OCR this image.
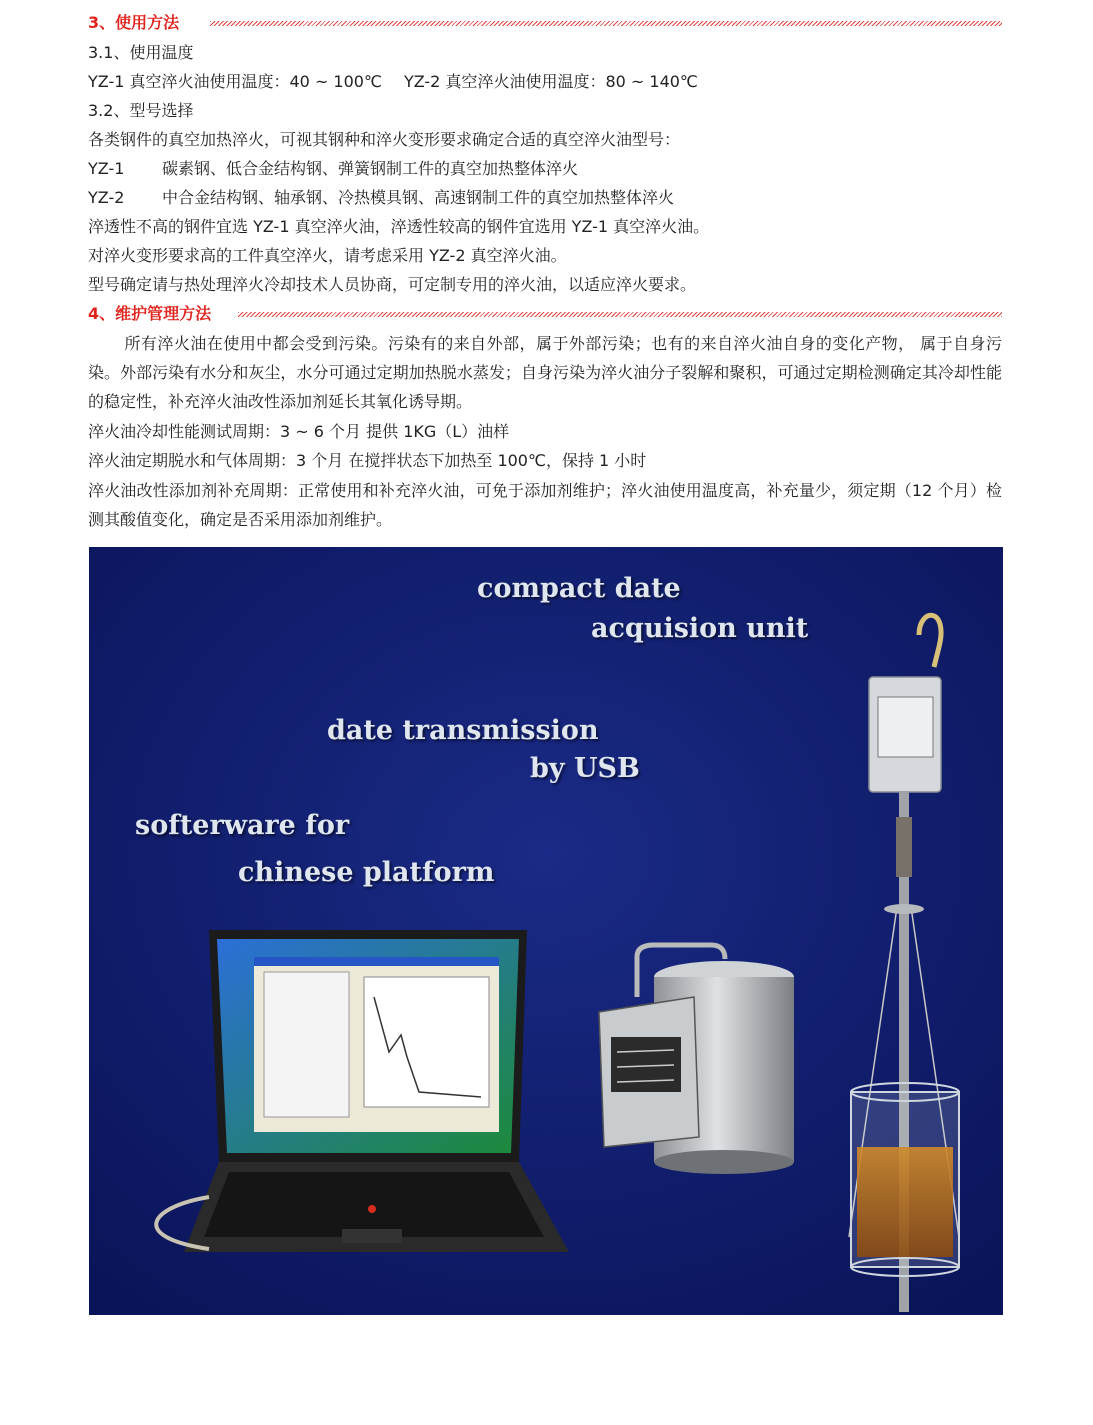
3、使用方法
3.1、使用温度
YZ-1 真空淬火油使用温度：40 ~ 100℃ YZ-2 真空淬火油使用温度：80 ~ 140℃
3.2、型号选择
各类钢件的真空加热淬火，可视其钢种和淬火变形要求确定合适的真空淬火油型号：
YZ-1 碳素钢、低合金结构钢、弹簧钢制工件的真空加热整体淬火
YZ-2 中合金结构钢、轴承钢、冷热模具钢、高速钢制工件的真空加热整体淬火
淬透性不高的钢件宜选 YZ-1 真空淬火油，淬透性较高的钢件宜选用 YZ-1 真空淬火油。
对淬火变形要求高的工件真空淬火，请考虑采用 YZ-2 真空淬火油。
型号确定请与热处理淬火冷却技术人员协商，可定制专用的淬火油，以适应淬火要求。
4、维护管理方法
所有淬火油在使用中都会受到污染。污染有的来自外部，属于外部污染；也有的来自淬火油自身的变化产物， 属于自身污染。外部污染有水分和灰尘，水分可通过定期加热脱水蒸发；自身污染为淬火油分子裂解和聚积，可通过定期检测确定其冷却性能的稳定性，补充淬火油改性添加剂延长其氧化诱导期。
淬火油冷却性能测试周期：3 ~ 6 个月 提供 1KG（L）油样
淬火油定期脱水和气体周期：3 个月 在搅拌状态下加热至 100℃，保持 1 小时
淬火油改性添加剂补充周期：正常使用和补充淬火油，可免于添加剂维护；淬火油使用温度高，补充量少，须定期（12 个月）检测其酸值变化，确定是否采用添加剂维护。
compact date
acquision unit
date transmission
by USB
softerware for
chinese platform
